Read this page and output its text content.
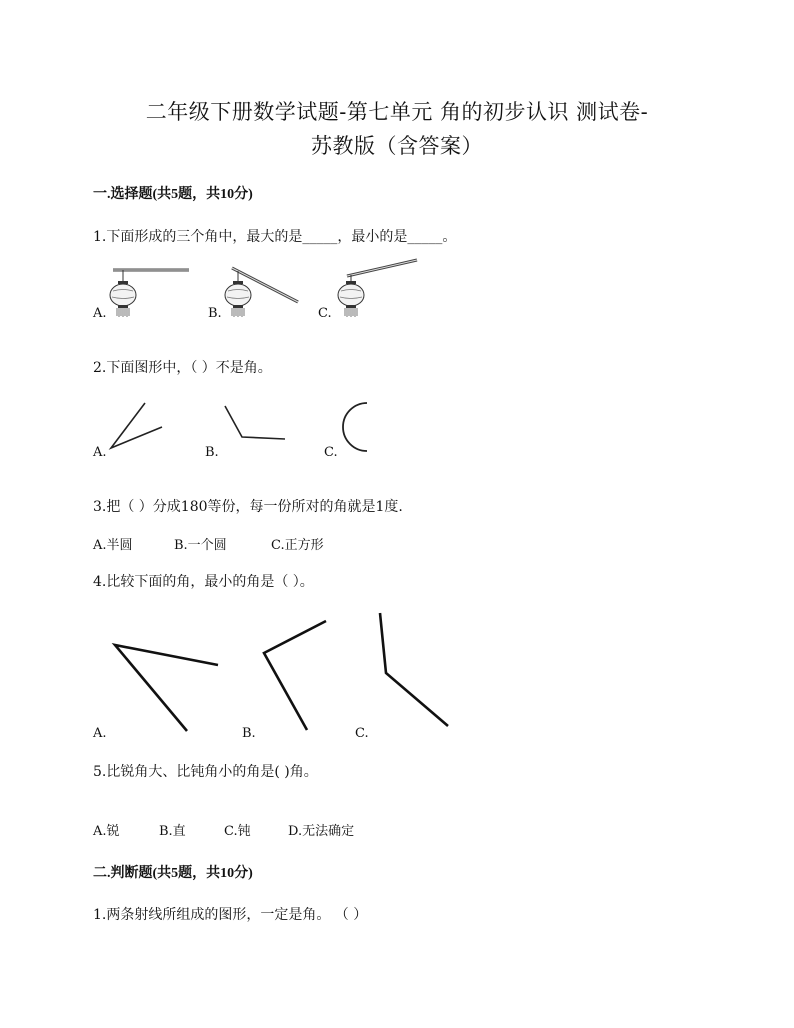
二年级下册数学试题-第七单元 角的初步认识 测试卷-
苏教版（含答案）
一.选择题(共5题，共10分)
1.下面形成的三个角中，最大的是_____，最小的是_____。
A.	B.	C.
2.下面图形中，（ ）不是角。
A.	B.	C.
3.把（ ）分成180等份，每一份所对的角就是1度.
A.半圆	B.一个圆	C.正方形
4.比较下面的角，最小的角是（ ）。
A.	B.	C.
5.比锐角大、比钝角小的角是( )角。
A.锐	B.直	C.钝	D.无法确定
二.判断题(共5题，共10分)
1.两条射线所组成的图形，一定是角。 （ ）
